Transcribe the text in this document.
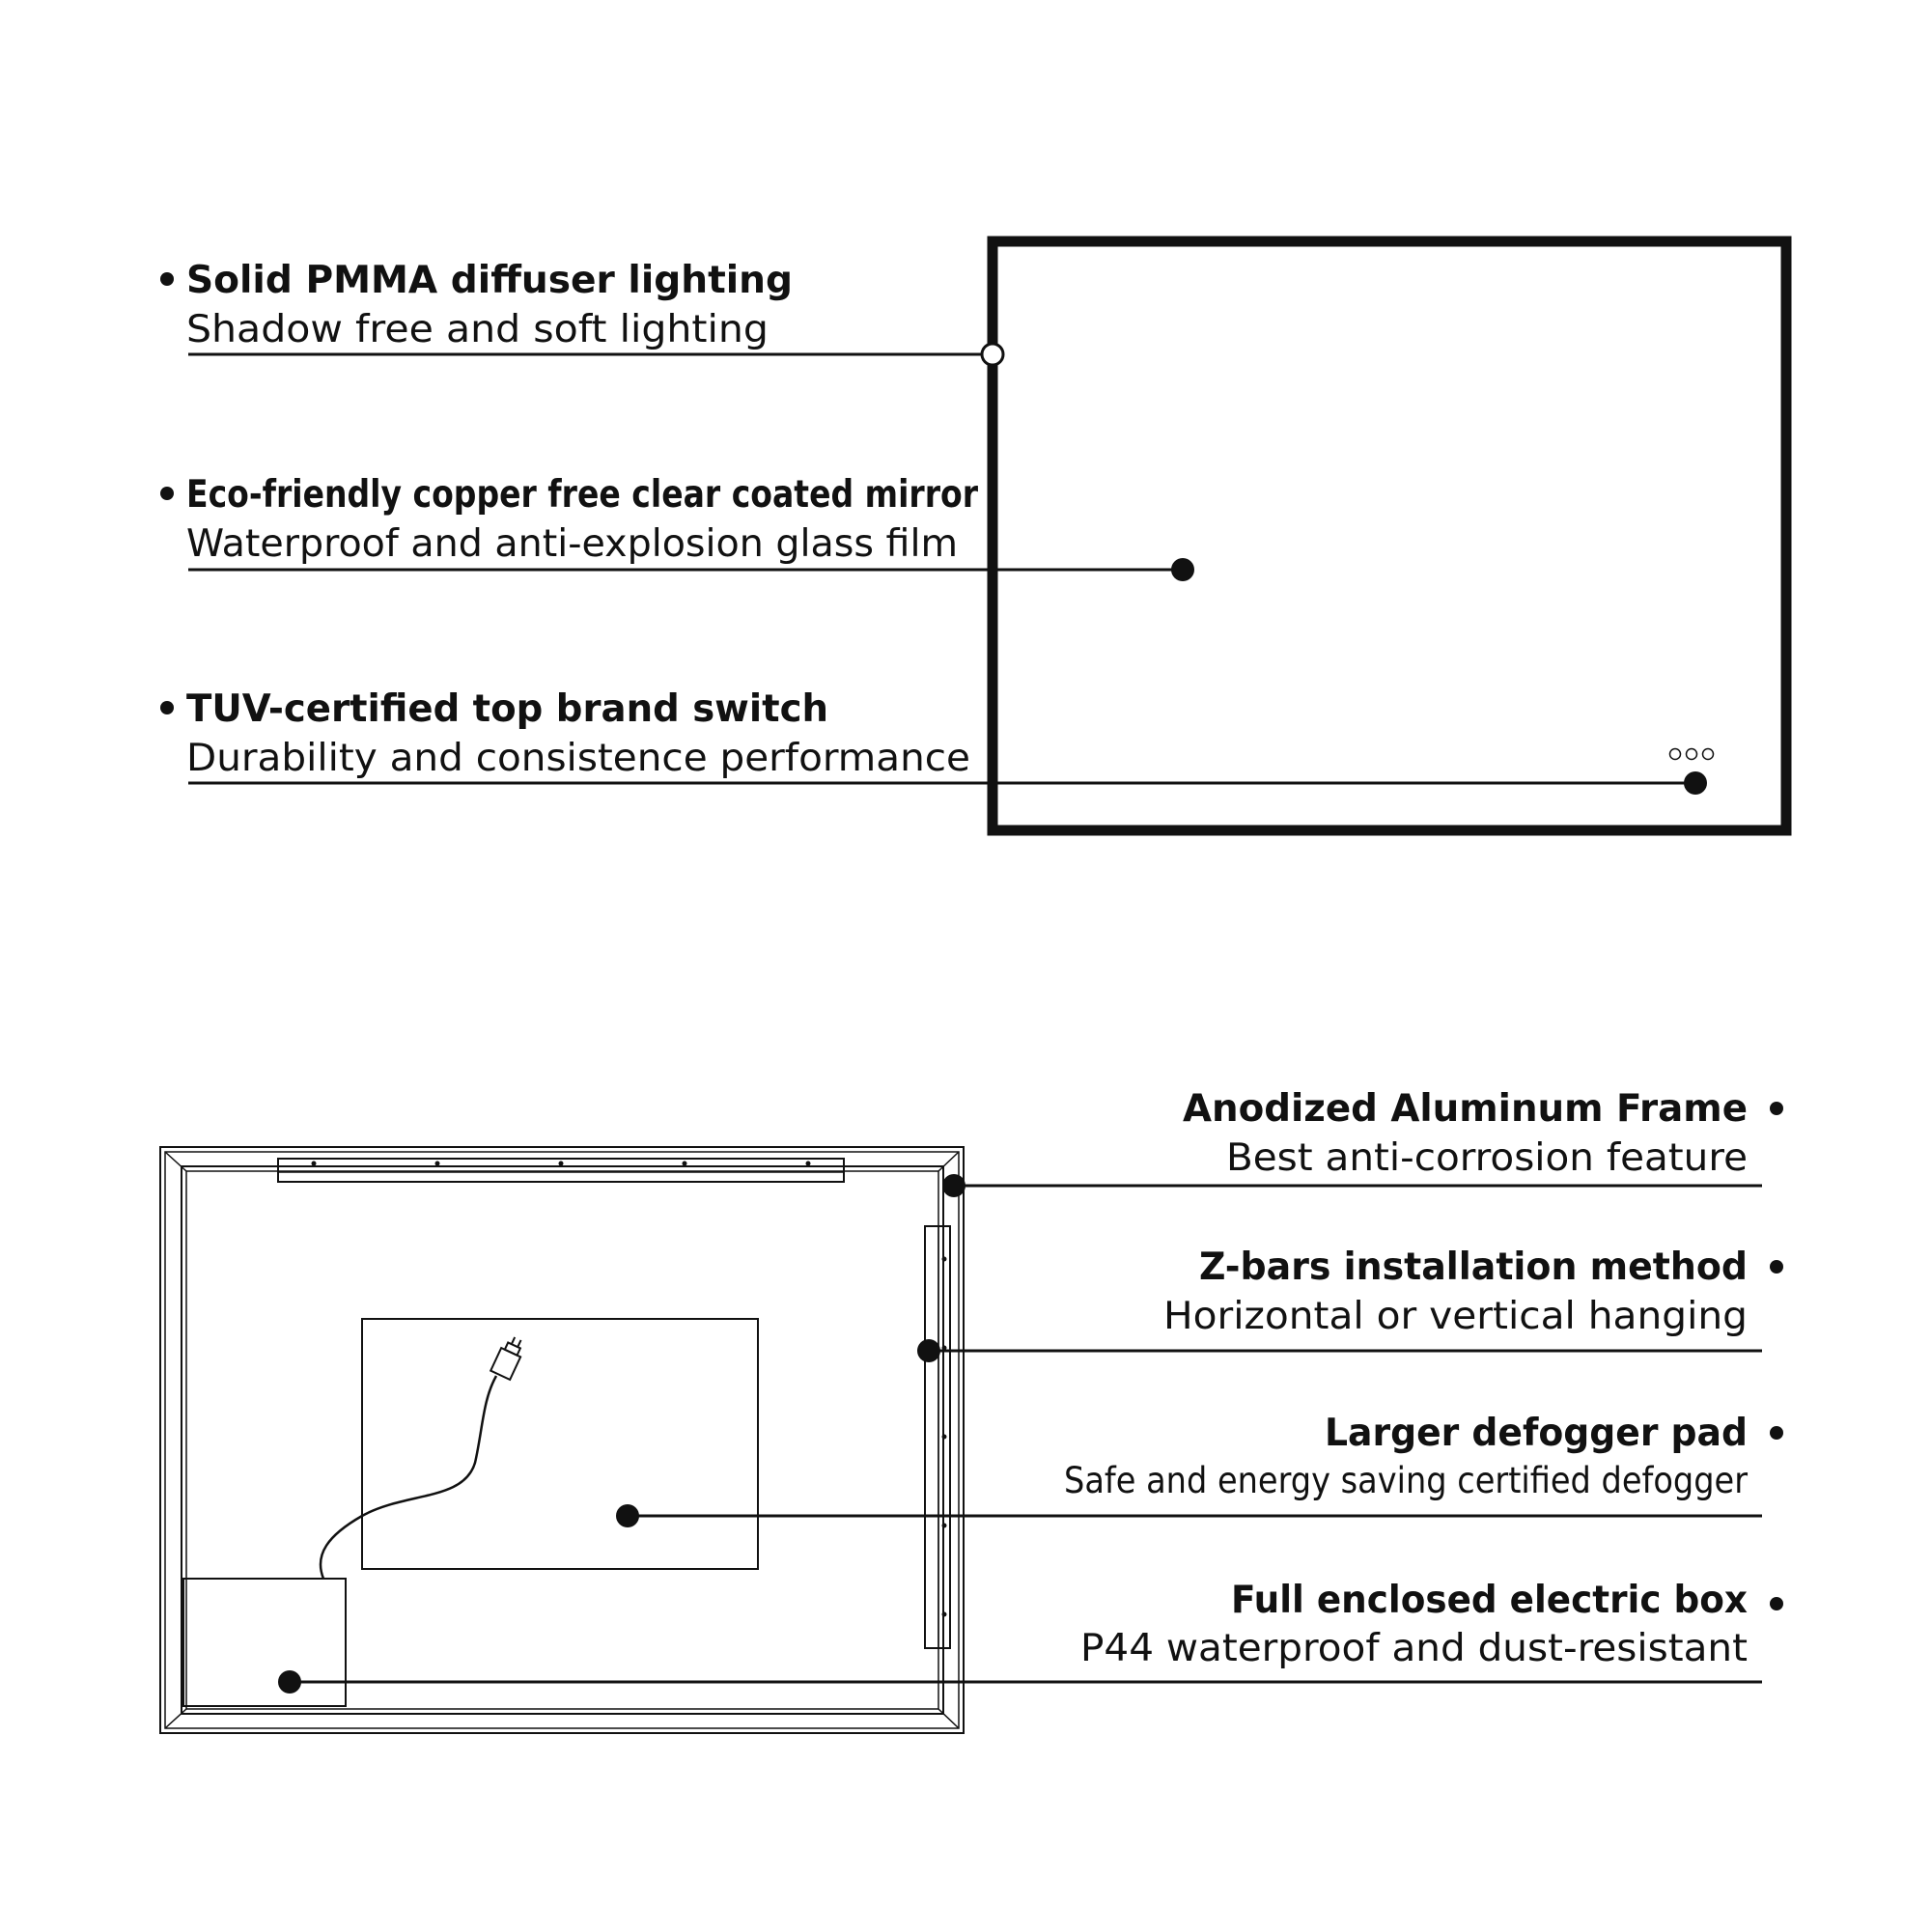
Solid PMMA diffuser lighting
Shadow free and soft lighting
Eco-friendly copper free clear coated mirror
Waterproof and anti-explosion glass film
TUV-certified top brand switch
Durability and consistence performance
Anodized Aluminum Frame
Best anti-corrosion feature
Z-bars installation method
Horizontal or vertical hanging
Larger defogger pad
Safe and energy saving certified defogger
Full enclosed electric box
P44 waterproof and dust-resistant
